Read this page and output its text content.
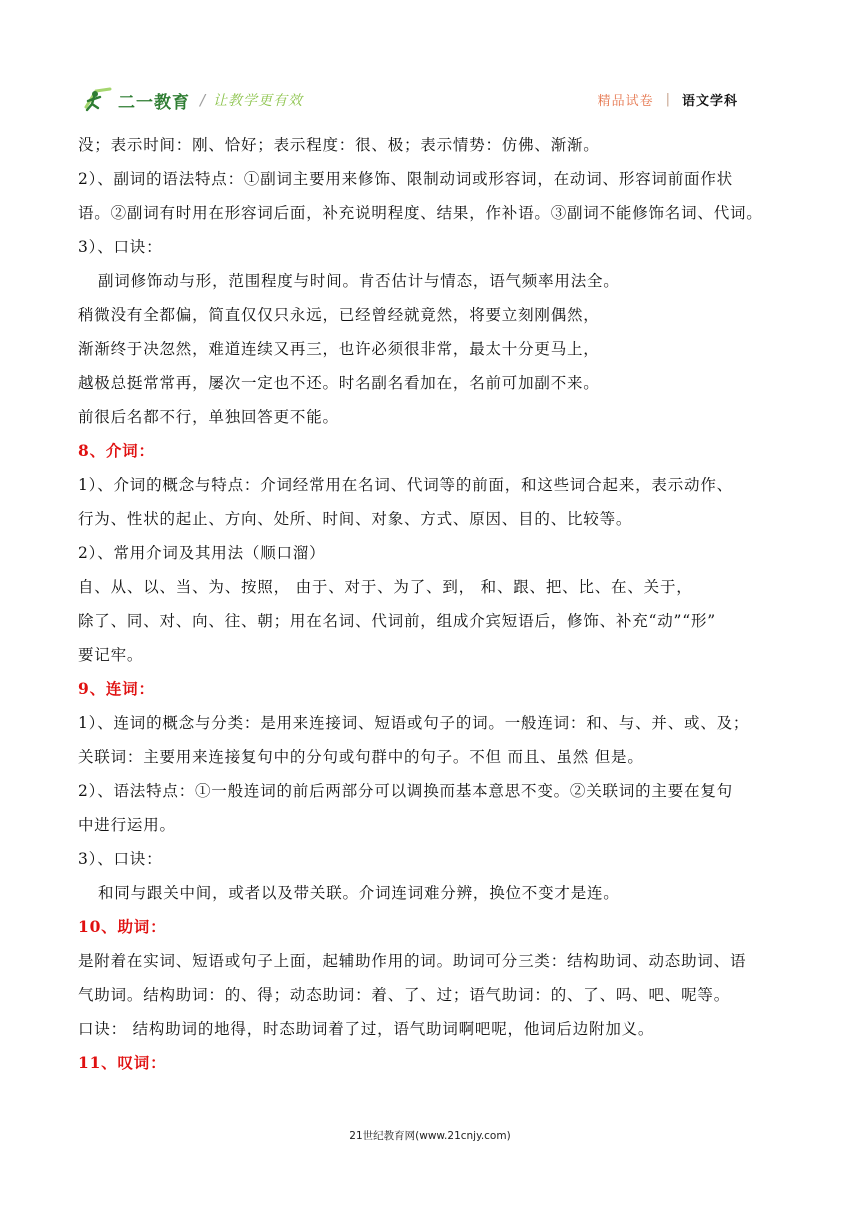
二一教育 / 让教学更有效	精品试卷 | 语文学科
没；表示时间：刚、恰好；表示程度：很、极；表示情势：仿佛、渐渐。
2）、副词的语法特点：①副词主要用来修饰、限制动词或形容词，在动词、形容词前面作状
语。②副词有时用在形容词后面，补充说明程度、结果，作补语。③副词不能修饰名词、代词。
3）、口诀：
副词修饰动与形，范围程度与时间。肯否估计与情态，语气频率用法全。
稍微没有全都偏，简直仅仅只永远，已经曾经就竟然，将要立刻刚偶然，
渐渐终于决忽然，难道连续又再三，也许必须很非常，最太十分更马上，
越极总挺常常再，屡次一定也不还。时名副名看加在，名前可加副不来。
前很后名都不行，单独回答更不能。
8、介词：
1）、介词的概念与特点：介词经常用在名词、代词等的前面，和这些词合起来，表示动作、
行为、性状的起止、方向、处所、时间、对象、方式、原因、目的、比较等。
2）、常用介词及其用法（顺口溜）
自、从、以、当、为、按照， 由于、对于、为了、到， 和、跟、把、比、在、关于，
除了、同、对、向、往、朝；用在名词、代词前，组成介宾短语后，修饰、补充“动”“形”
要记牢。
9、连词：
1）、连词的概念与分类：是用来连接词、短语或句子的词。一般连词：和、与、并、或、及；
关联词：主要用来连接复句中的分句或句群中的句子。不但 而且、虽然 但是。
2）、语法特点：①一般连词的前后两部分可以调换而基本意思不变。②关联词的主要在复句
中进行运用。
3）、口诀：
和同与跟关中间，或者以及带关联。介词连词难分辨，换位不变才是连。
10、助词：
是附着在实词、短语或句子上面，起辅助作用的词。助词可分三类：结构助词、动态助词、语
气助词。结构助词：的、得；动态助词：着、了、过；语气助词：的、了、吗、吧、呢等。
口诀： 结构助词的地得，时态助词着了过，语气助词啊吧呢，他词后边附加义。
11、叹词：
21世纪教育网(www.21cnjy.com)
